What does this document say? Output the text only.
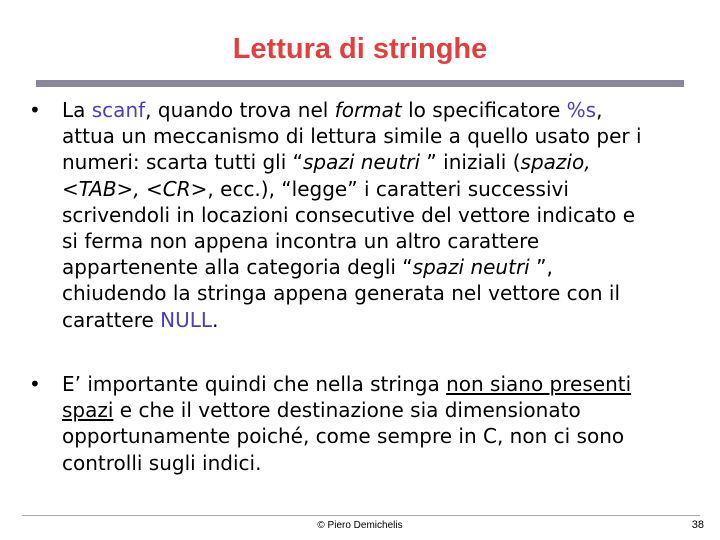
Lettura di stringhe
• La scanf, quando trova nel format lo specificatore %s,
attua un meccanismo di lettura simile a quello usato per i
numeri: scarta tutti gli “spazi neutri ” iniziali (spazio,
<TAB>, <CR>, ecc.), “legge” i caratteri successivi
scrivendoli in locazioni consecutive del vettore indicato e
si ferma non appena incontra un altro carattere
appartenente alla categoria degli “spazi neutri ”,
chiudendo la stringa appena generata nel vettore con il
carattere NULL.
• E’ importante quindi che nella stringa non siano presenti
spazi e che il vettore destinazione sia dimensionato
opportunamente poiché, come sempre in C, non ci sono
controlli sugli indici.
© Piero Demichelis	38
